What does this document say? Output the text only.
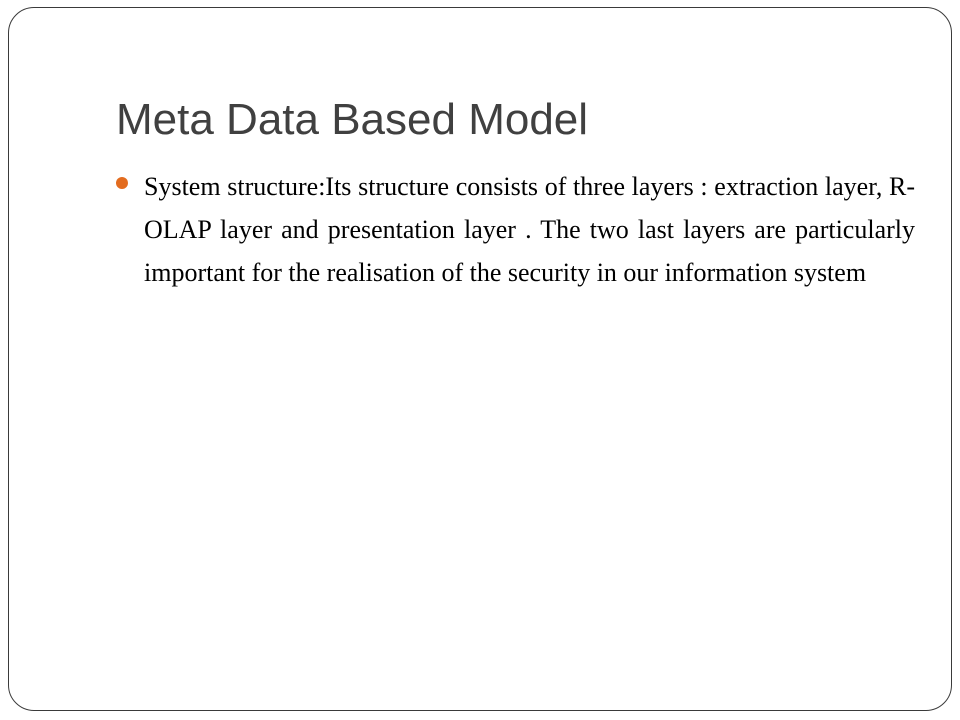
Meta Data Based Model
System structure:Its structure consists of three layers : extraction layer, R-OLAP layer and presentation layer . The two last layers are particularly important for the realisation of the security in our information system
